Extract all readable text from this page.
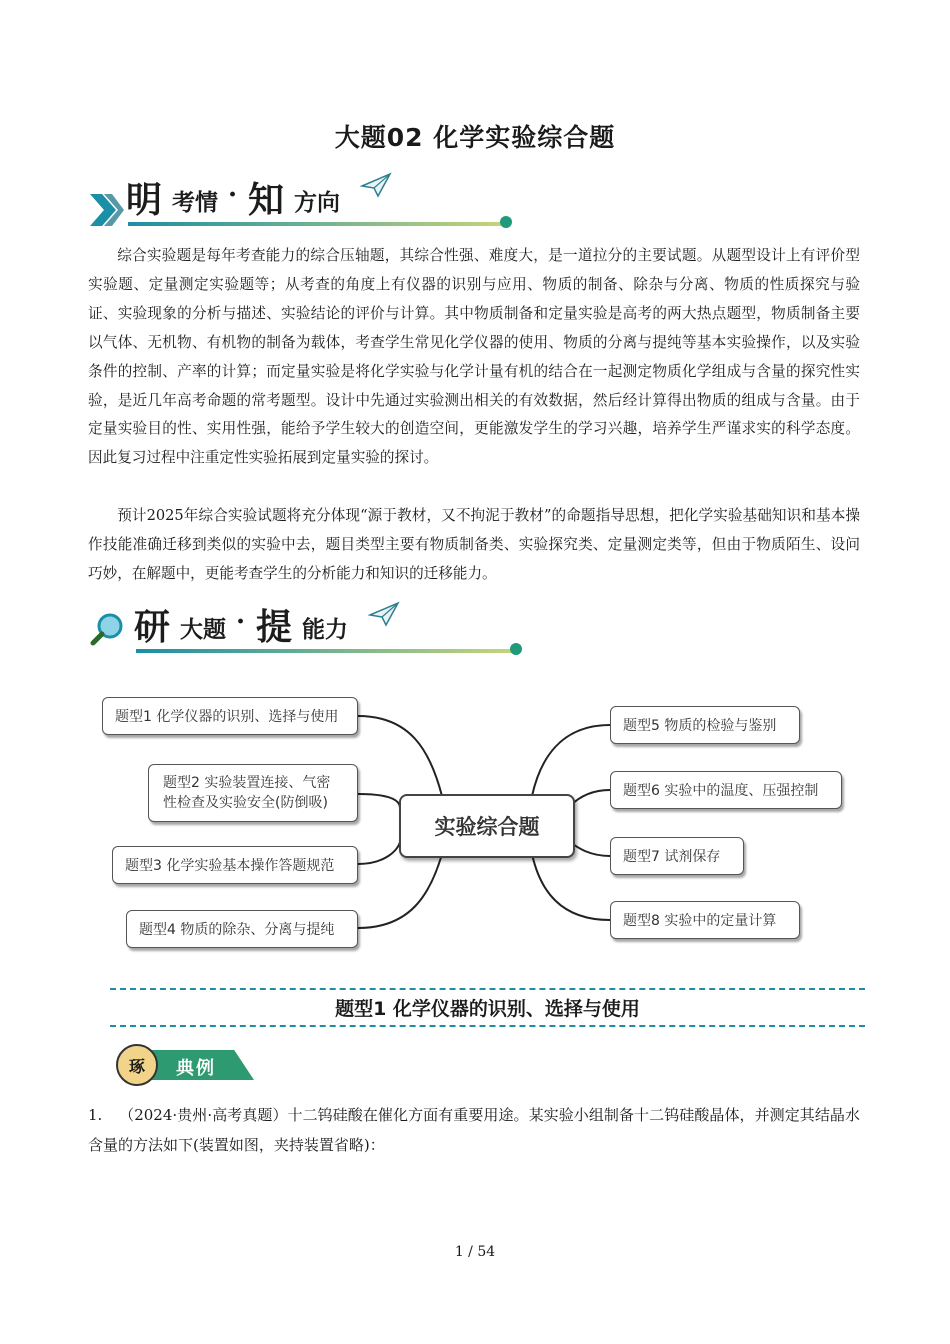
大题02 化学实验综合题
明 考情 · 知 方向
综合实验题是每年考查能力的综合压轴题，其综合性强、难度大，是一道拉分的主要试题。从题型设计上有评价型实验题、定量测定实验题等；从考查的角度上有仪器的识别与应用、物质的制备、除杂与分离、物质的性质探究与验证、实验现象的分析与描述、实验结论的评价与计算。其中物质制备和定量实验是高考的两大热点题型，物质制备主要以气体、无机物、有机物的制备为载体，考查学生常见化学仪器的使用、物质的分离与提纯等基本实验操作，以及实验条件的控制、产率的计算；而定量实验是将化学实验与化学计量有机的结合在一起测定物质化学组成与含量的探究性实验，是近几年高考命题的常考题型。设计中先通过实验测出相关的有效数据，然后经计算得出物质的组成与含量。由于定量实验目的性、实用性强，能给予学生较大的创造空间，更能激发学生的学习兴趣，培养学生严谨求实的科学态度。因此复习过程中注重定性实验拓展到定量实验的探讨。
预计2025年综合实验试题将充分体现“源于教材，又不拘泥于教材”的命题指导思想，把化学实验基础知识和基本操作技能准确迁移到类似的实验中去，题目类型主要有物质制备类、实验探究类、定量测定类等，但由于物质陌生、设问巧妙，在解题中，更能考查学生的分析能力和知识的迁移能力。
研 大题 · 提 能力
实验综合题
题型1 化学仪器的识别、选择与使用
题型2 实验装置连接、气密性检查及实验安全(防倒吸)
题型3 化学实验基本操作答题规范
题型4 物质的除杂、分离与提纯
题型5 物质的检验与鉴别
题型6 实验中的温度、压强控制
题型7 试剂保存
题型8 实验中的定量计算
题型1 化学仪器的识别、选择与使用
琢 典例
1. （2024·贵州·高考真题）十二钨硅酸在催化方面有重要用途。某实验小组制备十二钨硅酸晶体，并测定其结晶水含量的方法如下(装置如图，夹持装置省略)：
1 / 54
